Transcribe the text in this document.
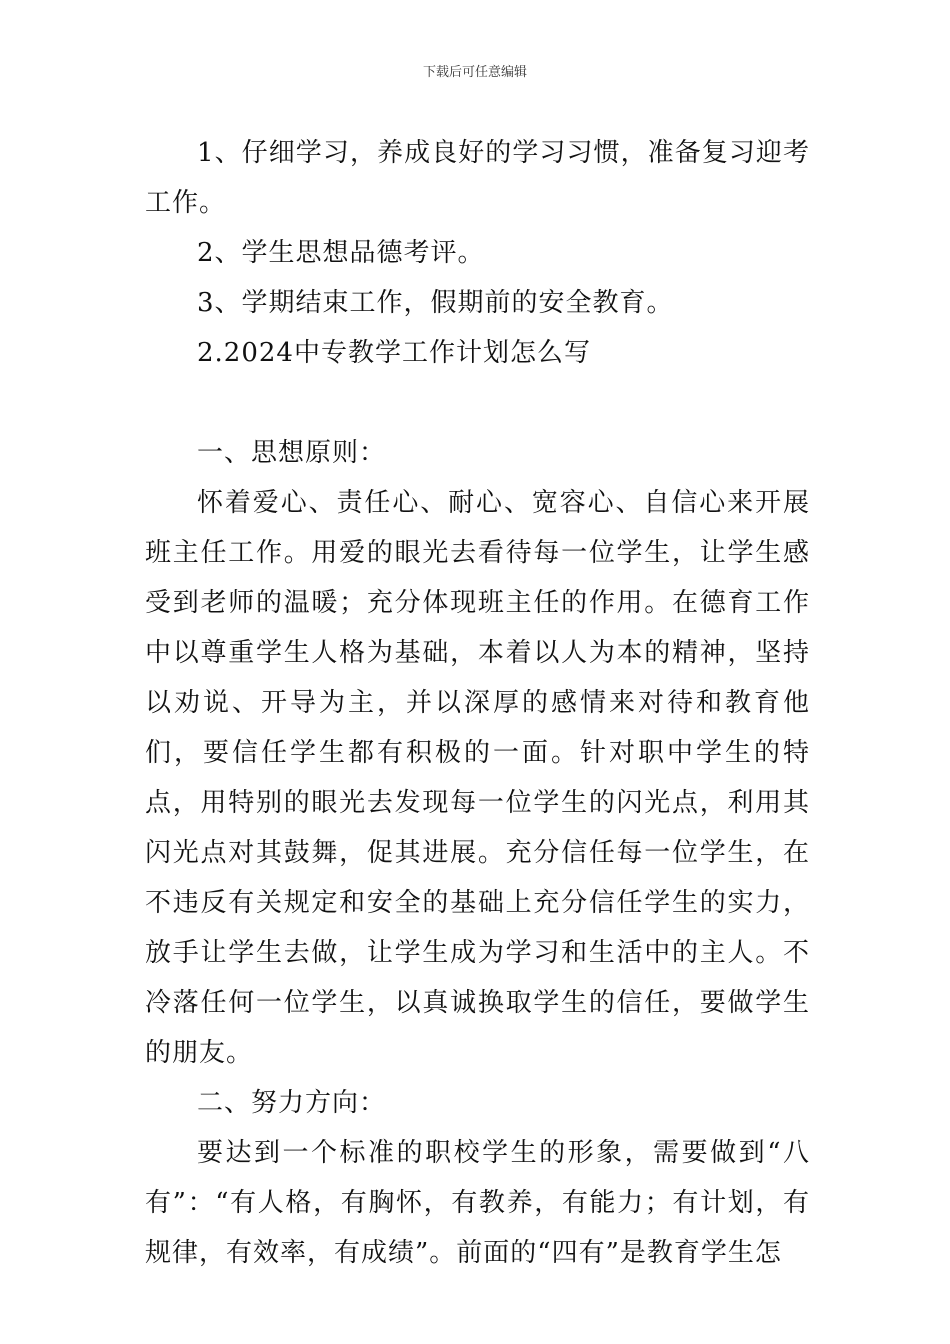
下载后可任意编辑

1、仔细学习，养成良好的学习习惯，准备复习迎考工作。

2、学生思想品德考评。

3、学期结束工作，假期前的安全教育。

2.2024中专教学工作计划怎么写

一、思想原则：

怀着爱心、责任心、耐心、宽容心、自信心来开展班主任工作。用爱的眼光去看待每一位学生，让学生感受到老师的温暖；充分体现班主任的作用。在德育工作中以尊重学生人格为基础，本着以人为本的精神，坚持以劝说、开导为主，并以深厚的感情来对待和教育他们，要信任学生都有积极的一面。针对职中学生的特点，用特别的眼光去发现每一位学生的闪光点，利用其闪光点对其鼓舞，促其进展。充分信任每一位学生，在不违反有关规定和安全的基础上充分信任学生的实力，放手让学生去做，让学生成为学习和生活中的主人。不冷落任何一位学生，以真诚换取学生的信任，要做学生的朋友。

二、努力方向：

要达到一个标准的职校学生的形象，需要做到“八有”：“有人格，有胸怀，有教养，有能力；有计划，有规律，有效率，有成绩”。前面的“四有”是教育学生怎
